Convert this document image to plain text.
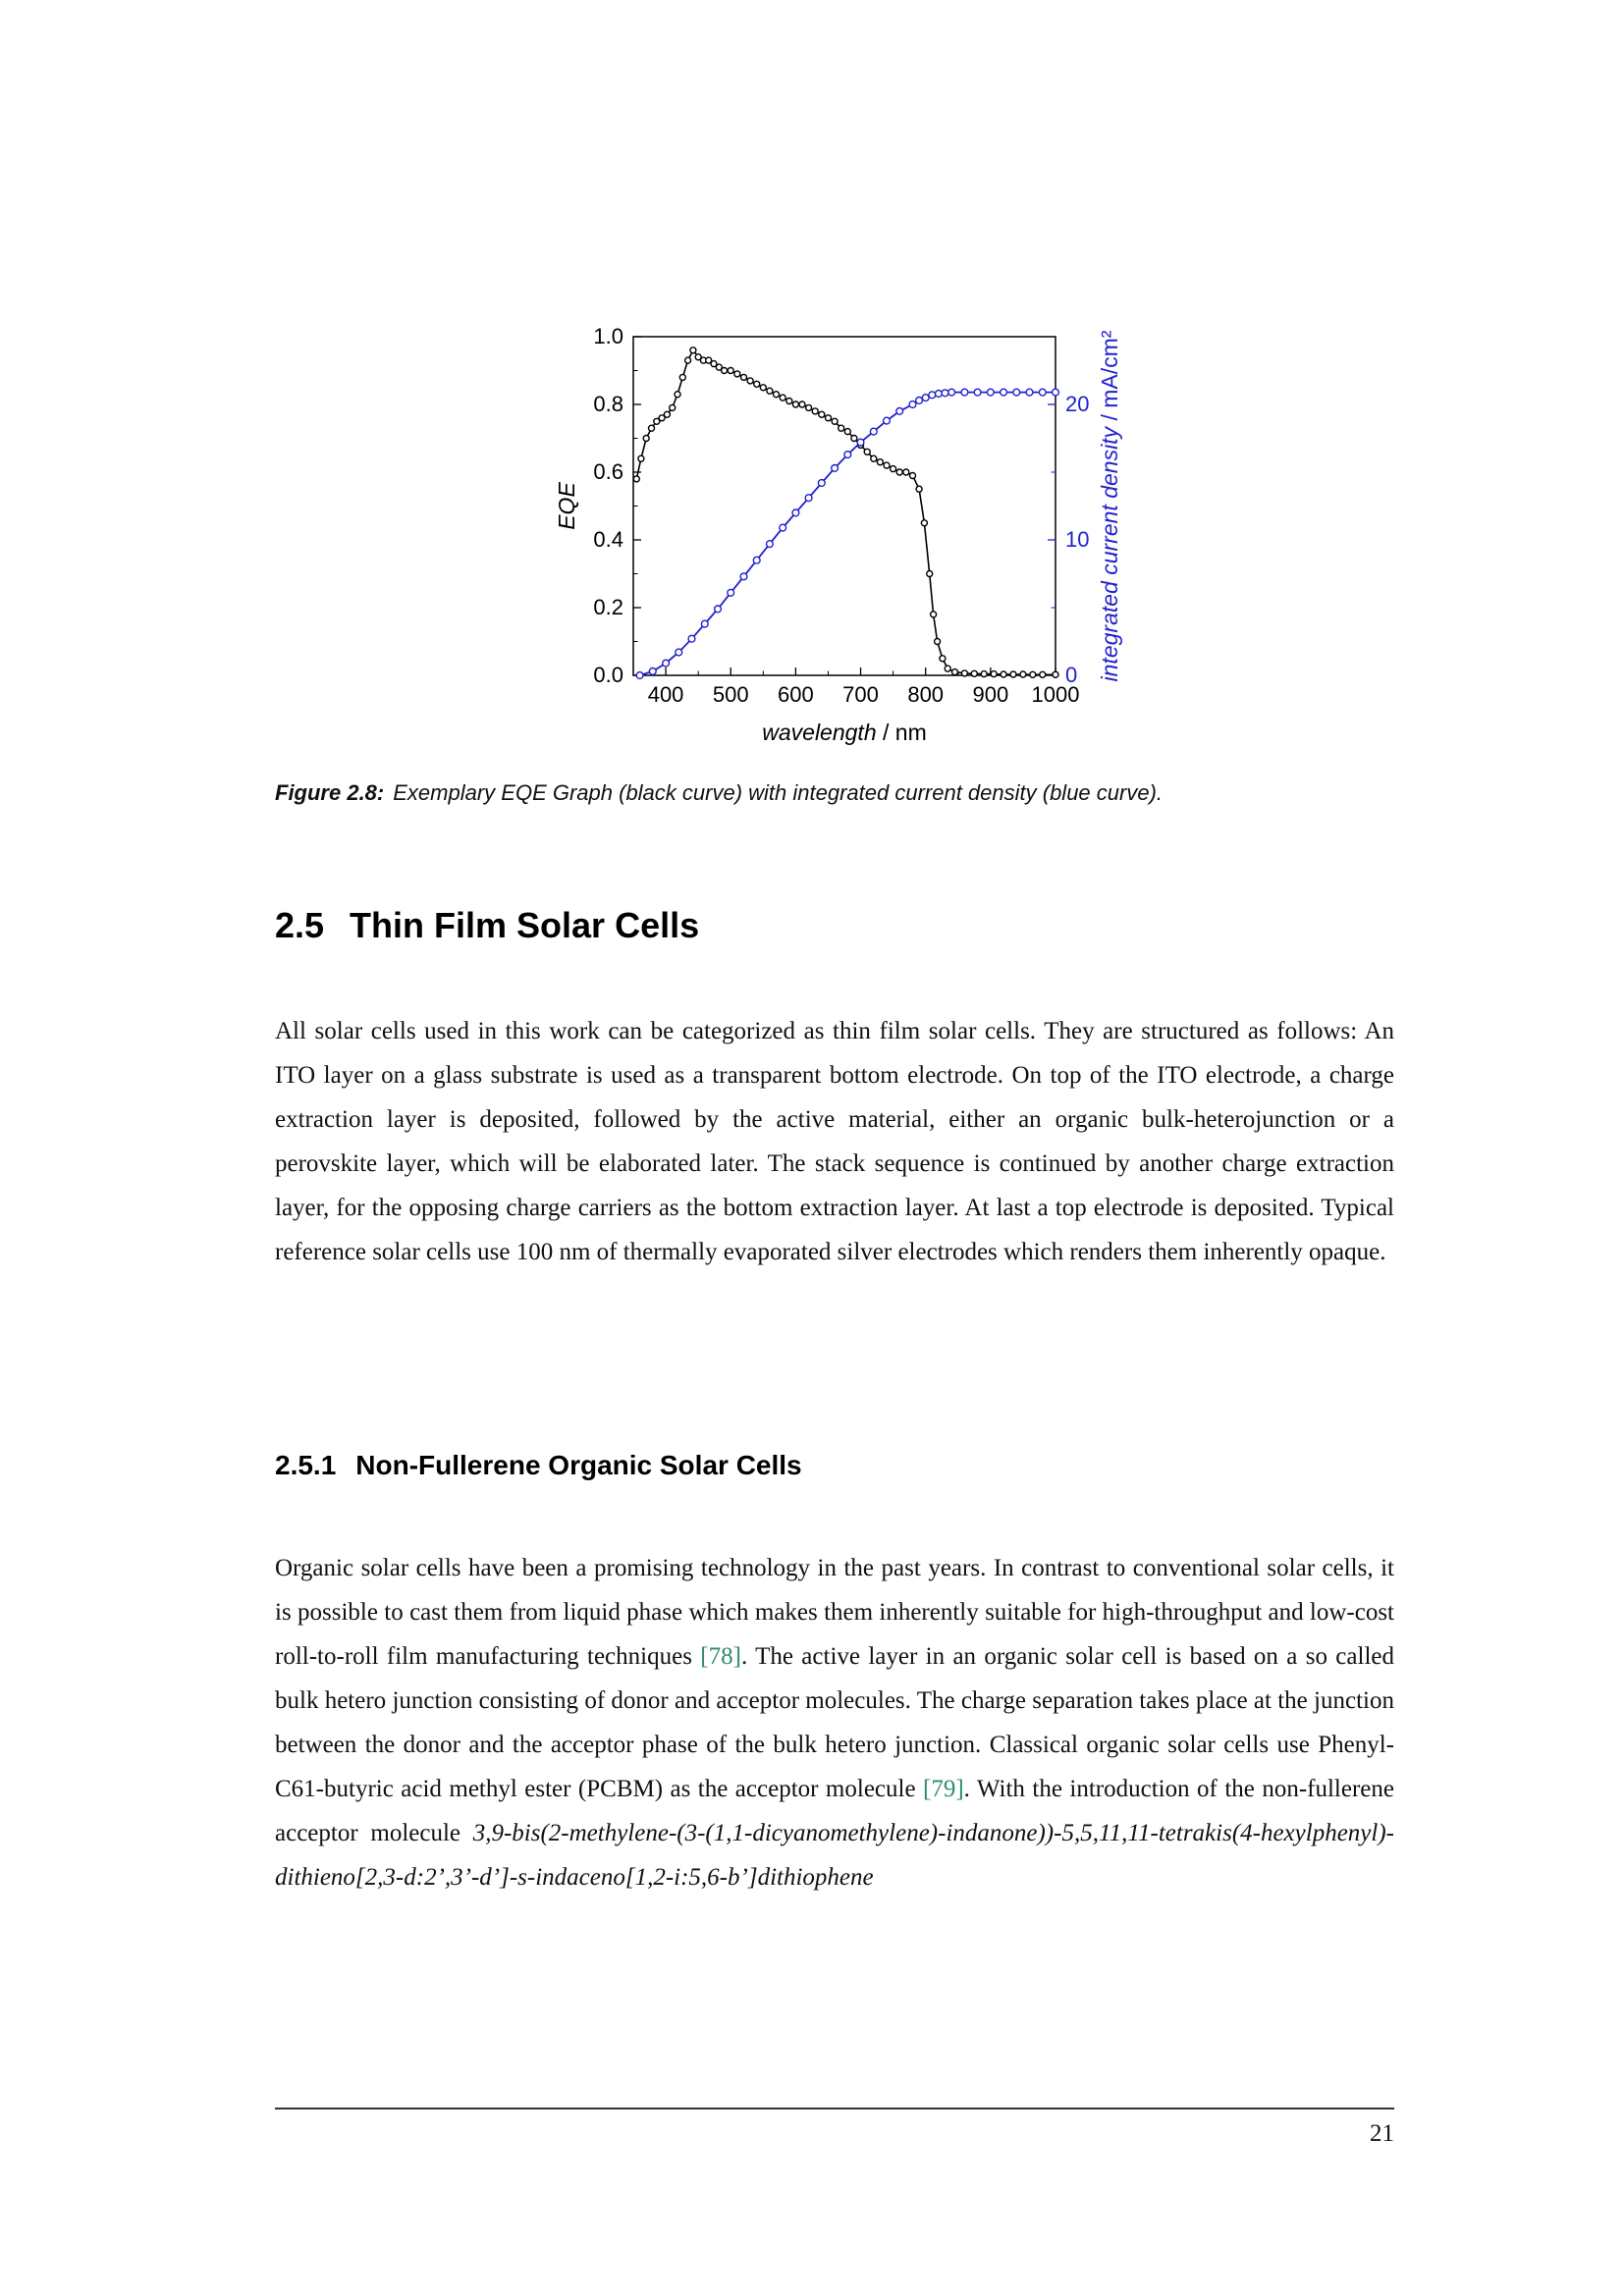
400 500 600 700 800 900 1000
0.0
0.2
0.4
0.6
0.8
1.0
0
10
20
wavelength / nm
EQE	integrated current density / mA/cm²
Figure 2.8: Exemplary EQE Graph (black curve) with integrated current density (blue curve).
2.5 Thin Film Solar Cells

All solar cells used in this work can be categorized as thin film solar cells. They are structured as follows: An ITO layer on a glass substrate is used as a transparent bottom electrode. On top of the ITO electrode, a charge extraction layer is deposited, followed by the active material, either an organic bulk-heterojunction or a perovskite layer, which will be elaborated later. The stack sequence is continued by another charge extraction layer, for the opposing charge carriers as the bottom extraction layer. At last a top electrode is deposited. Typical reference solar cells use 100 nm of thermally evaporated silver electrodes which renders them inherently opaque.

2.5.1 Non-Fullerene Organic Solar Cells

Organic solar cells have been a promising technology in the past years. In contrast to conventional solar cells, it is possible to cast them from liquid phase which makes them inherently suitable for high-throughput and low-cost roll-to-roll film manufacturing techniques [78]. The active layer in an organic solar cell is based on a so called bulk hetero junction consisting of donor and acceptor molecules. The charge separation takes place at the junction between the donor and the acceptor phase of the bulk hetero junction. Classical organic solar cells use Phenyl-C61-butyric acid methyl ester (PCBM) as the acceptor molecule [79]. With the introduction of the non-fullerene acceptor molecule 3,9-bis(2-methylene-(3-(1,1-dicyanomethylene)-indanone))-5,5,11,11-tetrakis(4-hexylphenyl)-dithieno[2,3-d:2’,3’-d’]-s-indaceno[1,2-i:5,6-b’]dithiophene

21
